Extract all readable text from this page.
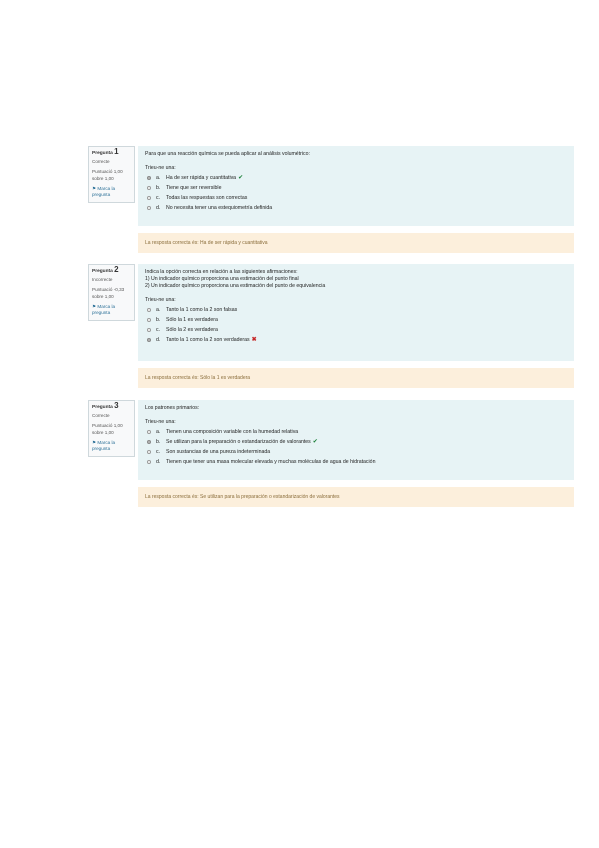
Pregunta 1
Correcte
Puntuació 1,00 sobre 1,00
⚑ Marca la pregunta
Para que una reacción química se pueda aplicar al análisis volumétrico:
Trieu-ne una:
a.	Ha de ser rápida y cuantitativa ✔
b.	Tiene que ser reversible
c.	Todas las respuestas son correctas
d.	No necesita tener una estequiometría definida
La resposta correcta és: Ha de ser rápida y cuantitativa
Pregunta 2
Incorrecte
Puntuació -0,33 sobre 1,00
⚑ Marca la pregunta
Indica la opción correcta en relación a las siguientes afirmaciones:
1) Un indicador químico proporciona una estimación del punto final
2) Un indicador químico proporciona una estimación del punto de equivalencia
Trieu-ne una:
a.	Tanto la 1 como la 2 son falsas
b.	Sólo la 1 es verdadera
c.	Sólo la 2 es verdadera
d.	Tanto la 1 como la 2 son verdaderas ✖
La resposta correcta és: Sólo la 1 es verdadera
Pregunta 3
Correcte
Puntuació 1,00 sobre 1,00
⚑ Marca la pregunta
Los patrones primarios:
Trieu-ne una:
a.	Tienen una composición variable con la humedad relativa
b.	Se utilizan para la preparación o estandarización de valorantes ✔
c.	Son sustancias de una pureza indeterminada
d.	Tienen que tener una masa molecular elevada y muchas moléculas de agua de hidratación
La resposta correcta és: Se utilizan para la preparación o estandarización de valorantes
